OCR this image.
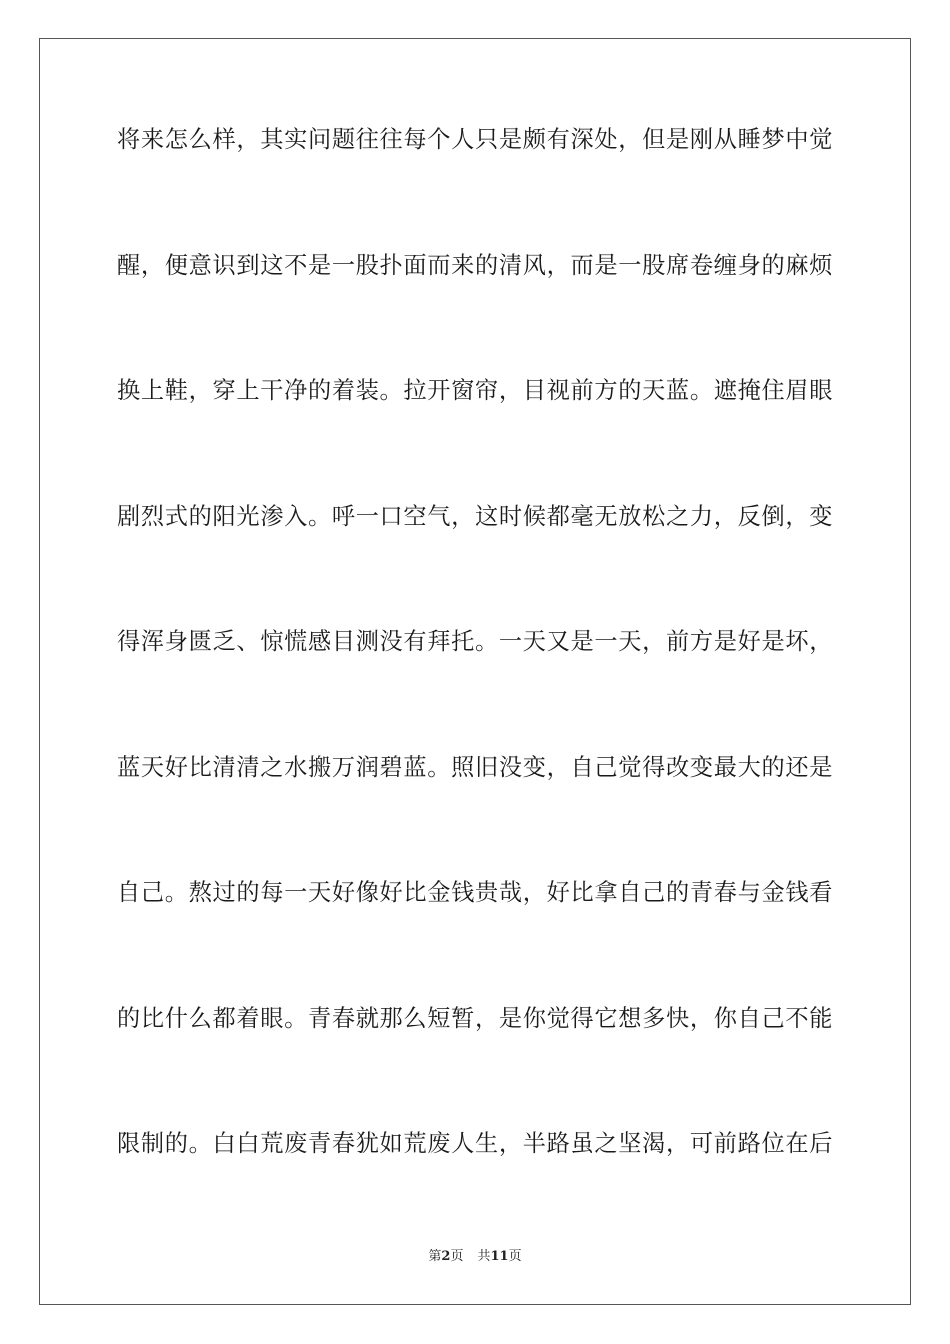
将来怎么样，其实问题往往每个人只是颇有深处，但是刚从睡梦中觉
醒，便意识到这不是一股扑面而来的清风，而是一股席卷缠身的麻烦
换上鞋，穿上干净的着装。拉开窗帘，目视前方的天蓝。遮掩住眉眼
剧烈式的阳光渗入。呼一口空气，这时候都毫无放松之力，反倒，变
得浑身匮乏、惊慌感目测没有拜托。一天又是一天，前方是好是坏，
蓝天好比清清之水搬万润碧蓝。照旧没变，自己觉得改变最大的还是
自己。熬过的每一天好像好比金钱贵哉，好比拿自己的青春与金钱看
的比什么都着眼。青春就那么短暂，是你觉得它想多快，你自己不能
限制的。白白荒废青春犹如荒废人生，半路虽之坚渴，可前路位在后
第2页 共11页
